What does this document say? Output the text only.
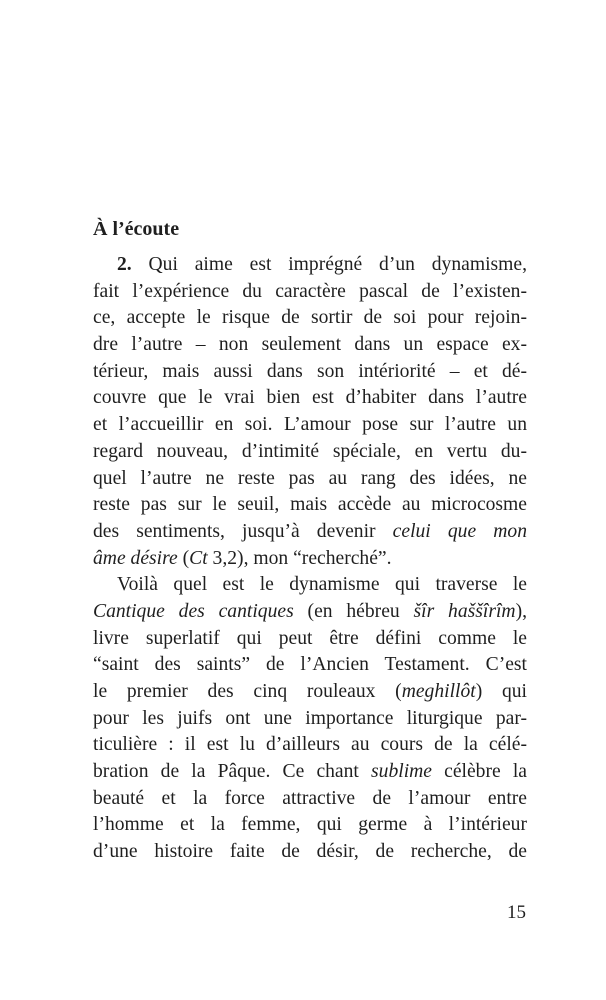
À l’écoute
2. Qui aime est imprégné d’un dynamisme,
fait l’expérience du caractère pascal de l’existen-
ce, accepte le risque de sortir de soi pour rejoin-
dre l’autre – non seulement dans un espace ex-
térieur, mais aussi dans son intériorité – et dé-
couvre que le vrai bien est d’habiter dans l’autre
et l’accueillir en soi. L’amour pose sur l’autre un
regard nouveau, d’intimité spéciale, en vertu du-
quel l’autre ne reste pas au rang des idées, ne
reste pas sur le seuil, mais accède au microcosme
des sentiments, jusqu’à devenir celui que mon
âme désire (Ct 3,2), mon “recherché”.
Voilà quel est le dynamisme qui traverse le
Cantique des cantiques (en hébreu šîr haššîrîm),
livre superlatif qui peut être défini comme le
“saint des saints” de l’Ancien Testament. C’est
le premier des cinq rouleaux (meghillôt) qui
pour les juifs ont une importance liturgique par-
ticulière : il est lu d’ailleurs au cours de la célé-
bration de la Pâque. Ce chant sublime célèbre la
beauté et la force attractive de l’amour entre
l’homme et la femme, qui germe à l’intérieur
d’une histoire faite de désir, de recherche, de
15
